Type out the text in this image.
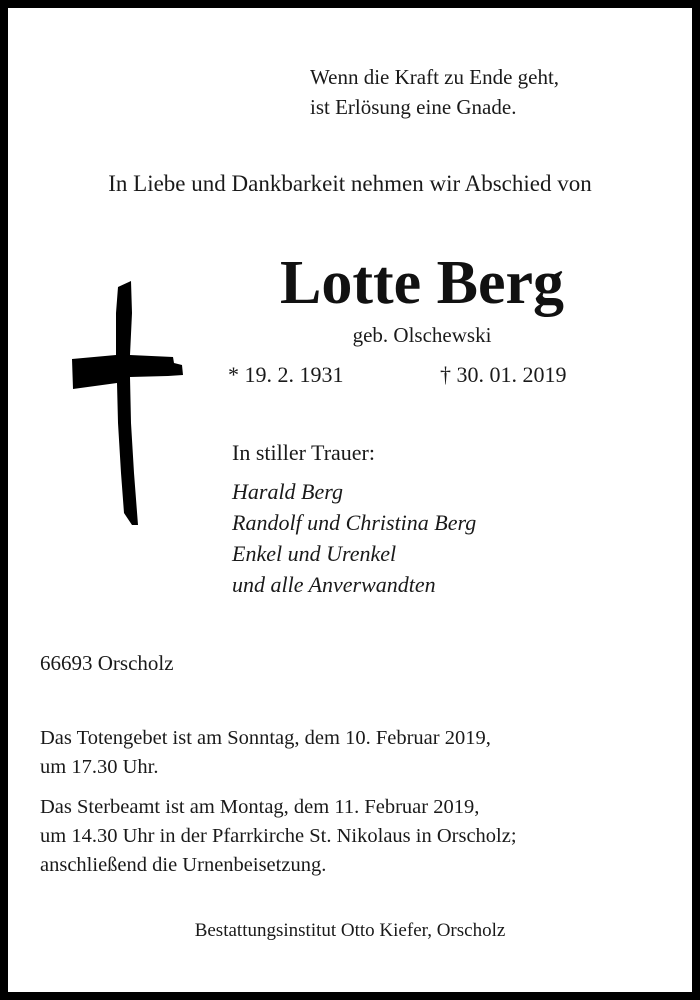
Wenn die Kraft zu Ende geht,
ist Erlösung eine Gnade.
In Liebe und Dankbarkeit nehmen wir Abschied von
Lotte Berg
geb. Olschewski
* 19. 2. 1931	† 30. 01. 2019
In stiller Trauer:
Harald Berg
Randolf und Christina Berg
Enkel und Urenkel
und alle Anverwandten
66693 Orscholz
Das Totengebet ist am Sonntag, dem 10. Februar 2019,
um 17.30 Uhr.
Das Sterbeamt ist am Montag, dem 11. Februar 2019,
um 14.30 Uhr in der Pfarrkirche St. Nikolaus in Orscholz;
anschließend die Urnenbeisetzung.
Bestattungsinstitut Otto Kiefer, Orscholz
